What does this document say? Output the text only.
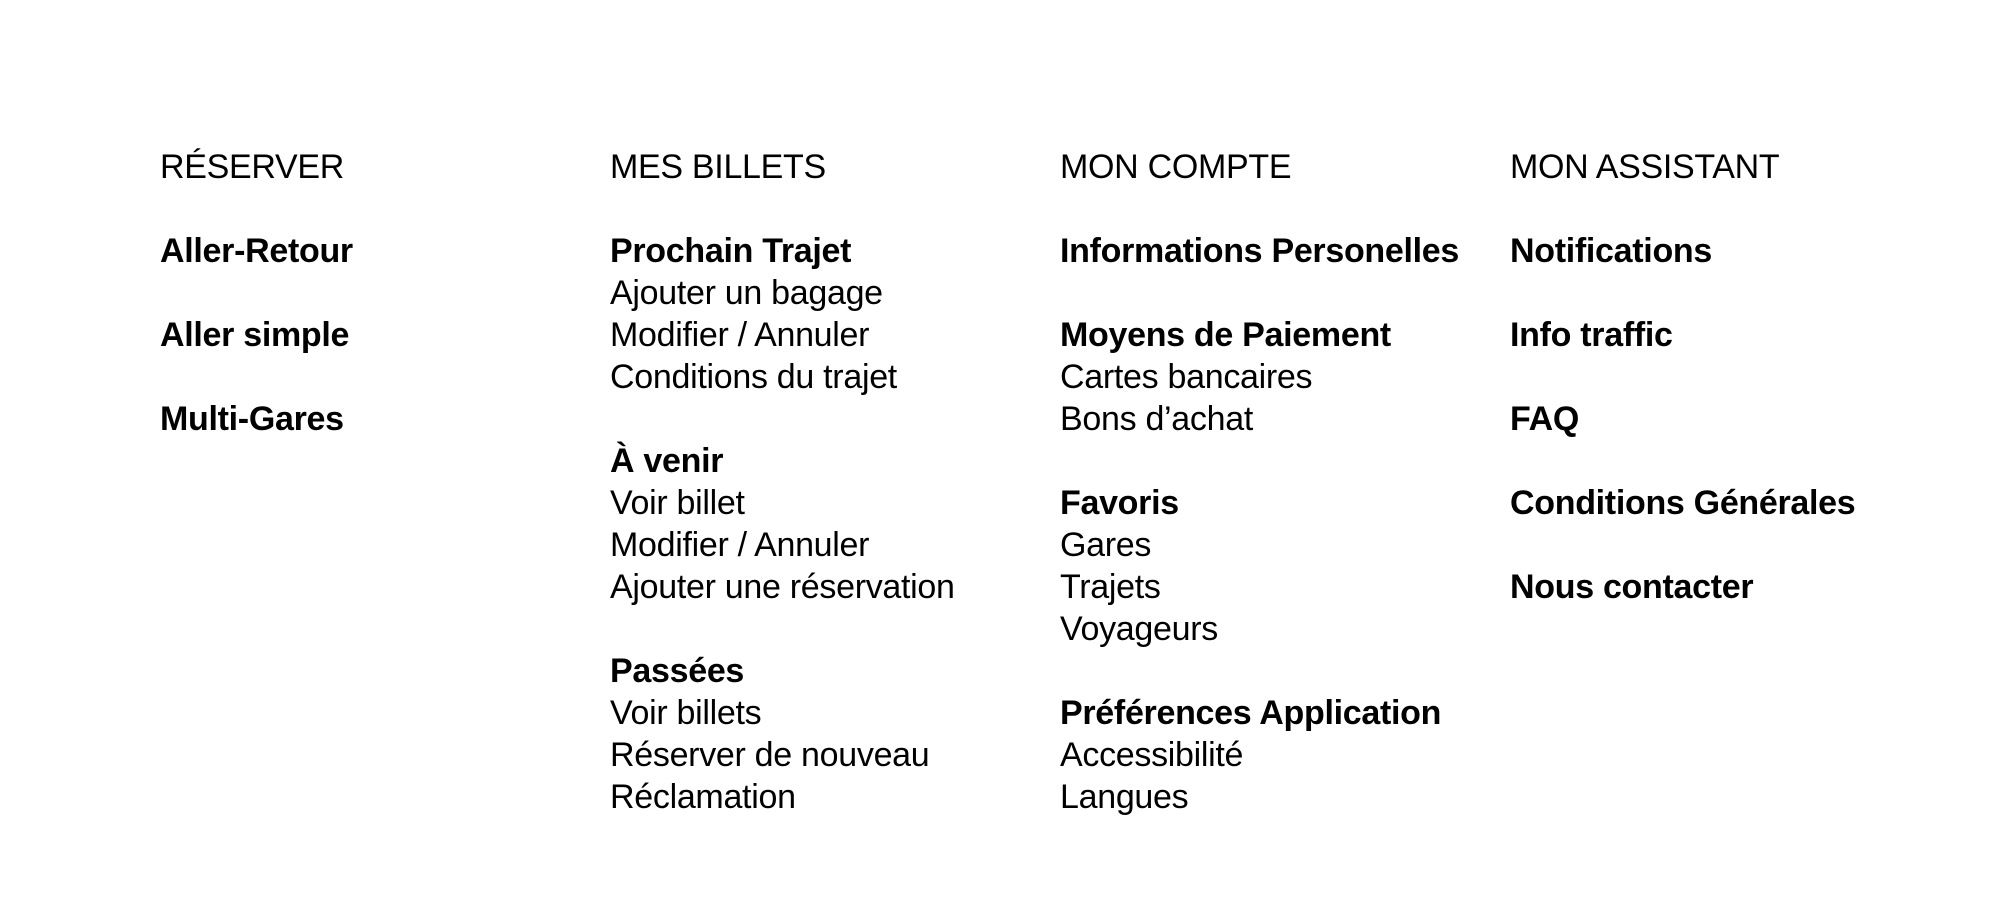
RÉSERVER
Aller-Retour
Aller simple
Multi-Gares
MES BILLETS
Prochain Trajet
Ajouter un bagage
Modifier / Annuler
Conditions du trajet
À venir
Voir billet
Modifier / Annuler
Ajouter une réservation
Passées
Voir billets
Réserver de nouveau
Réclamation
MON COMPTE
Informations Personelles
Moyens de Paiement
Cartes bancaires
Bons d’achat
Favoris
Gares
Trajets
Voyageurs
Préférences Application
Accessibilité
Langues
MON ASSISTANT
Notifications
Info traffic
FAQ
Conditions Générales
Nous contacter
